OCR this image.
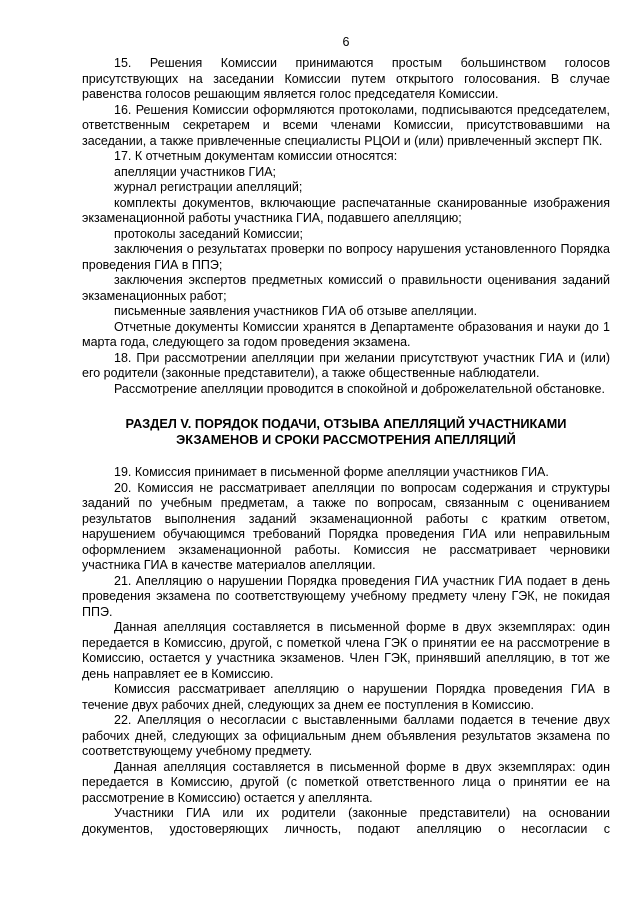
6

15. Решения Комиссии принимаются простым большинством голосов присутствующих на заседании Комиссии путем открытого голосования. В случае равенства голосов решающим является голос председателя Комиссии.

16. Решения Комиссии оформляются протоколами, подписываются председателем, ответственным секретарем и всеми членами Комиссии, присутствовавшими на заседании, а также привлеченные специалисты РЦОИ и (или) привлеченный эксперт ПК.

17. К отчетным документам комиссии относятся:

апелляции участников ГИА;

журнал регистрации апелляций;

комплекты документов, включающие распечатанные сканированные изображения экзаменационной работы участника ГИА, подавшего апелляцию;

протоколы заседаний Комиссии;

заключения о результатах проверки по вопросу нарушения установленного Порядка проведения ГИА в ППЭ;

заключения экспертов предметных комиссий о правильности оценивания заданий экзаменационных работ;

письменные заявления участников ГИА об отзыве апелляции.

Отчетные документы Комиссии хранятся в Департаменте образования и науки до 1 марта года, следующего за годом проведения экзамена.

18. При рассмотрении апелляции при желании присутствуют участник ГИА и (или) его родители (законные представители), а также общественные наблюдатели.

Рассмотрение апелляции проводится в спокойной и доброжелательной обстановке.

РАЗДЕЛ V. ПОРЯДОК ПОДАЧИ, ОТЗЫВА АПЕЛЛЯЦИЙ УЧАСТНИКАМИ
ЭКЗАМЕНОВ И СРОКИ РАССМОТРЕНИЯ АПЕЛЛЯЦИЙ

19. Комиссия принимает в письменной форме апелляции участников ГИА.

20. Комиссия не рассматривает апелляции по вопросам содержания и структуры заданий по учебным предметам, а также по вопросам, связанным с оцениванием результатов выполнения заданий экзаменационной работы с кратким ответом, нарушением обучающимся требований Порядка проведения ГИА или неправильным оформлением экзаменационной работы. Комиссия не рассматривает черновики участника ГИА в качестве материалов апелляции.

21. Апелляцию о нарушении Порядка проведения ГИА участник ГИА подает в день проведения экзамена по соответствующему учебному предмету члену ГЭК, не покидая ППЭ.

Данная апелляция составляется в письменной форме в двух экземплярах: один передается в Комиссию, другой, с пометкой члена ГЭК о принятии ее на рассмотрение в Комиссию, остается у участника экзаменов. Член ГЭК, принявший апелляцию, в тот же день направляет ее в Комиссию.

Комиссия рассматривает апелляцию о нарушении Порядка проведения ГИА в течение двух рабочих дней, следующих за днем ее поступления в Комиссию.

22. Апелляция о несогласии с выставленными баллами подается в течение двух рабочих дней, следующих за официальным днем объявления результатов экзамена по соответствующему учебному предмету.

Данная апелляция составляется в письменной форме в двух экземплярах: один передается в Комиссию, другой (с пометкой ответственного лица о принятии ее на рассмотрение в Комиссию) остается у апеллянта.

Участники ГИА или их родители (законные представители) на основании документов, удостоверяющих личность, подают апелляцию о несогласии с
